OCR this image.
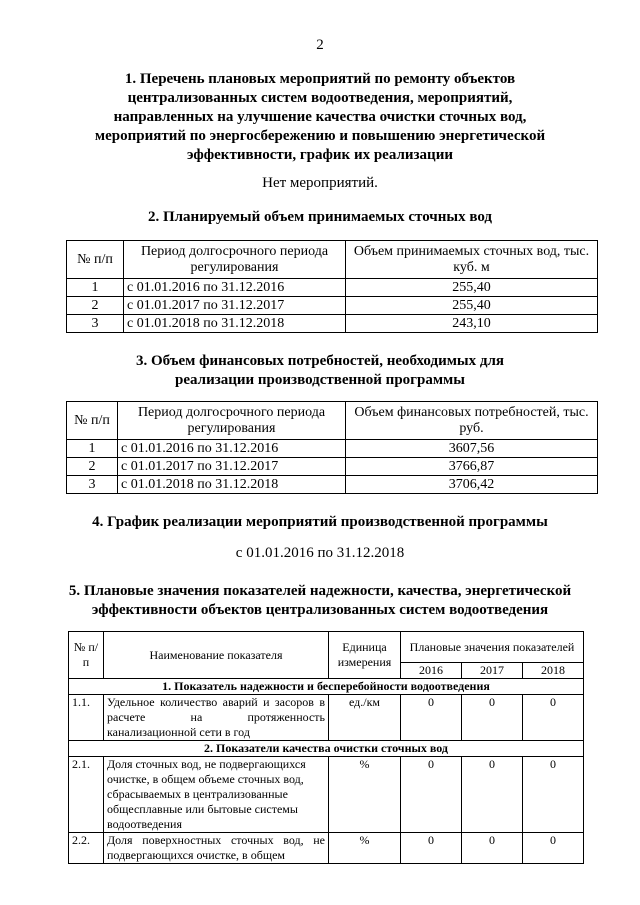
2
1. Перечень плановых мероприятий по ремонту объектов
централизованных систем водоотведения, мероприятий,
направленных на улучшение качества очистки сточных вод,
мероприятий по энергосбережению и повышению энергетической
эффективности, график их реализации
Нет мероприятий.
2. Планируемый объем принимаемых сточных вод
№ п/п	Период долгосрочного периода регулирования	Объем принимаемых сточных вод, тыс. куб. м
1	с 01.01.2016 по 31.12.2016	255,40
2	с 01.01.2017 по 31.12.2017	255,40
3	с 01.01.2018 по 31.12.2018	243,10
3. Объем финансовых потребностей, необходимых для
реализации производственной программы
№ п/п	Период долгосрочного периода регулирования	Объем финансовых потребностей, тыс. руб.
1	с 01.01.2016 по 31.12.2016	3607,56
2	с 01.01.2017 по 31.12.2017	3766,87
3	с 01.01.2018 по 31.12.2018	3706,42
4. График реализации мероприятий производственной программы
с 01.01.2016 по 31.12.2018
5. Плановые значения показателей надежности, качества, энергетической
эффективности объектов централизованных систем водоотведения
№ п/п	Наименование показателя	Единица измерения	Плановые значения показателей		
			2016	2017	2018
1. Показатель надежности и бесперебойности водоотведения					
1.1.	Удельное количество аварий и засоров в расчете на протяженность канализационной сети в год	ед./км	0	0	0
2. Показатели качества очистки сточных вод					
2.1.	Доля сточных вод, не подвергающихся очистке, в общем объеме сточных вод, сбрасываемых в централизованные общесплавные или бытовые системы водоотведения	%	0	0	0
2.2.	Доля поверхностных сточных вод, не подвергающихся очистке, в общем	%	0	0	0
